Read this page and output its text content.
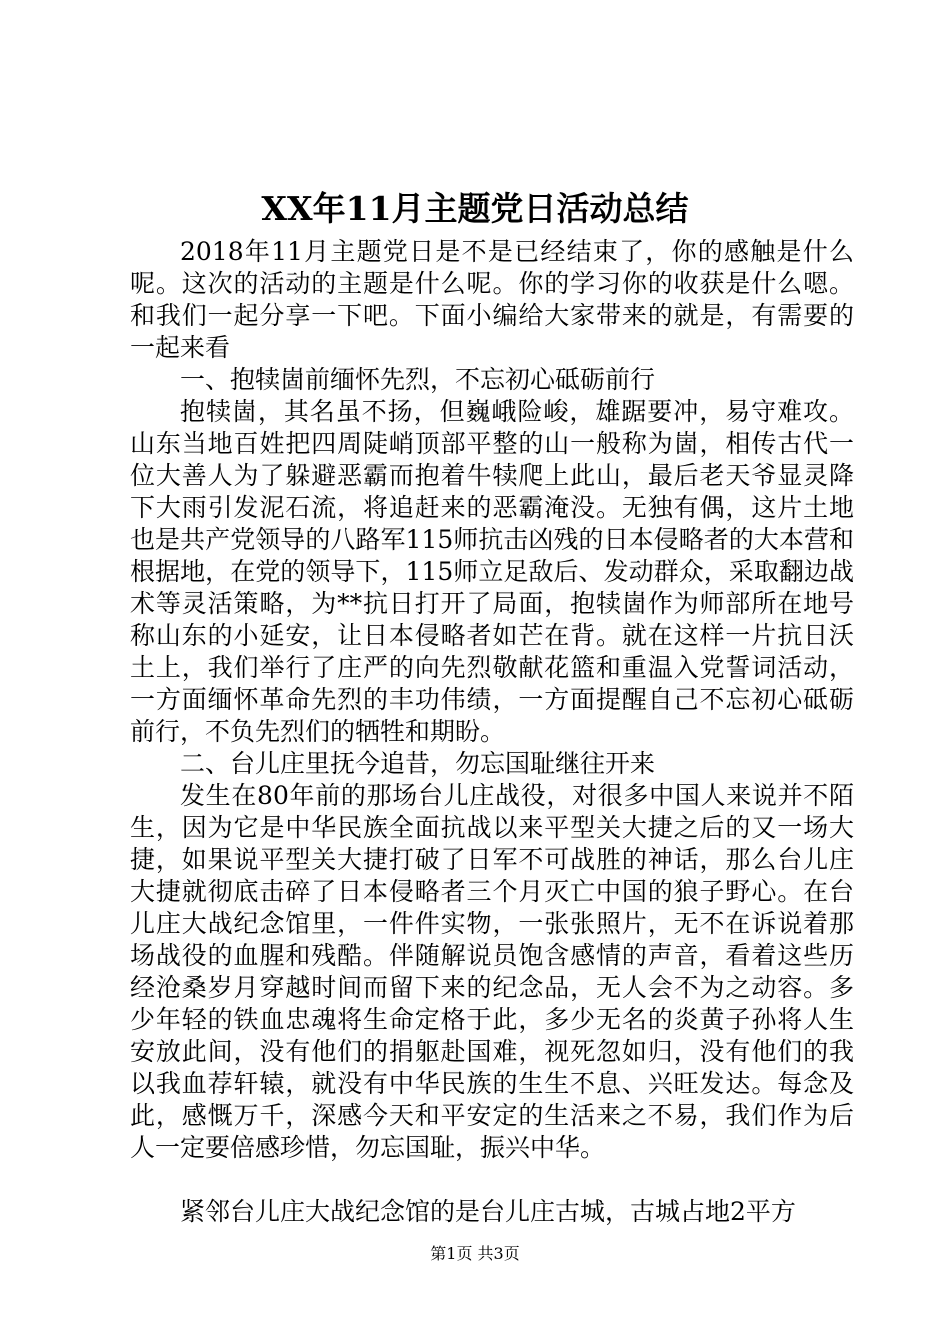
XX年11月主题党日活动总结

2018年11月主题党日是不是已经结束了，你的感触是什么呢。这次的活动的主题是什么呢。你的学习你的收获是什么嗯。和我们一起分享一下吧。下面小编给大家带来的就是，有需要的一起来看

一、抱犊崮前缅怀先烈，不忘初心砥砺前行

抱犊崮，其名虽不扬，但巍峨险峻，雄踞要冲，易守难攻。山东当地百姓把四周陡峭顶部平整的山一般称为崮，相传古代一位大善人为了躲避恶霸而抱着牛犊爬上此山，最后老天爷显灵降下大雨引发泥石流，将追赶来的恶霸淹没。无独有偶，这片土地也是共产党领导的八路军115师抗击凶残的日本侵略者的大本营和根据地，在党的领导下，115师立足敌后、发动群众，采取翻边战术等灵活策略，为**抗日打开了局面，抱犊崮作为师部所在地号称山东的小延安，让日本侵略者如芒在背。就在这样一片抗日沃土上，我们举行了庄严的向先烈敬献花篮和重温入党誓词活动，一方面缅怀革命先烈的丰功伟绩，一方面提醒自己不忘初心砥砺前行，不负先烈们的牺牲和期盼。

二、台儿庄里抚今追昔，勿忘国耻继往开来

发生在80年前的那场台儿庄战役，对很多中国人来说并不陌生，因为它是中华民族全面抗战以来平型关大捷之后的又一场大捷，如果说平型关大捷打破了日军不可战胜的神话，那么台儿庄大捷就彻底击碎了日本侵略者三个月灭亡中国的狼子野心。在台儿庄大战纪念馆里，一件件实物，一张张照片，无不在诉说着那场战役的血腥和残酷。伴随解说员饱含感情的声音，看着这些历经沧桑岁月穿越时间而留下来的纪念品，无人会不为之动容。多少年轻的铁血忠魂将生命定格于此，多少无名的炎黄子孙将人生安放此间，没有他们的捐躯赴国难，视死忽如归，没有他们的我以我血荐轩辕，就没有中华民族的生生不息、兴旺发达。每念及此，感慨万千，深感今天和平安定的生活来之不易，我们作为后人一定要倍感珍惜，勿忘国耻，振兴中华。

紧邻台儿庄大战纪念馆的是台儿庄古城，古城占地2平方

第1页 共3页
